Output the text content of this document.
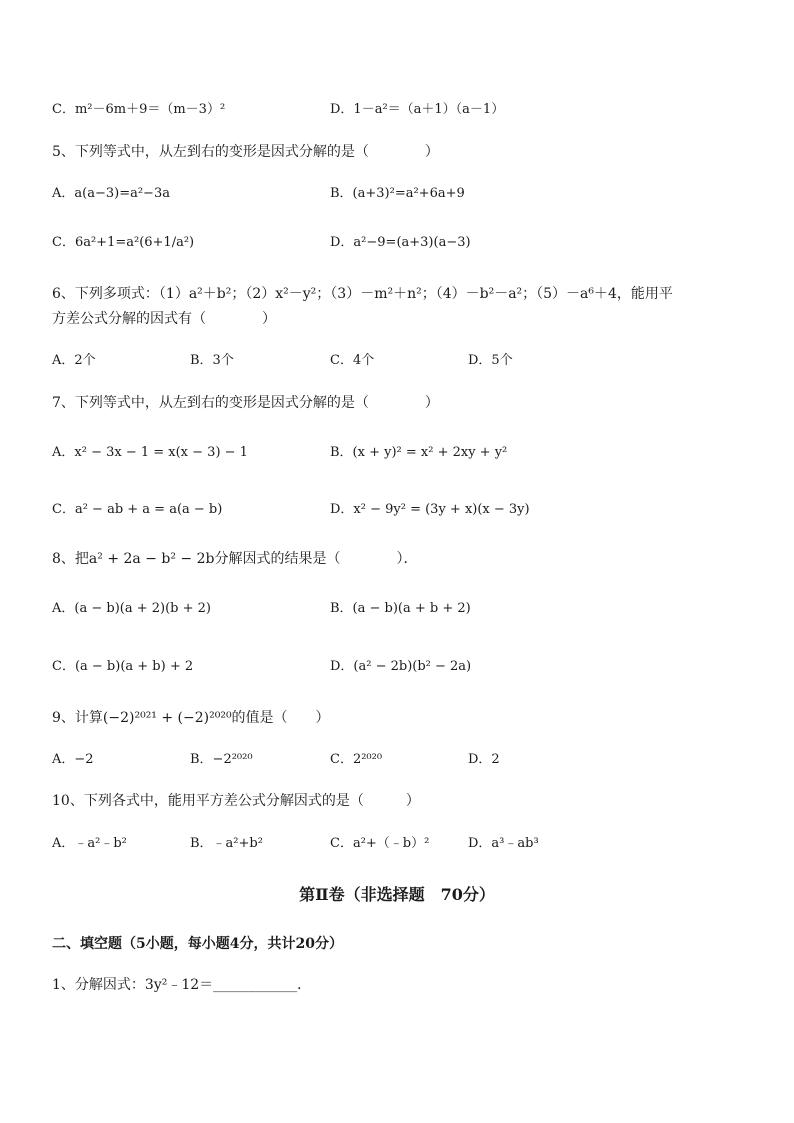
C．m²－6m＋9＝（m－3）²	D．1－a²＝（a＋1）（a－1）
5、下列等式中，从左到右的变形是因式分解的是（　　　　）
A．a(a−3)=a²−3a	B．(a+3)²=a²+6a+9
C．6a²+1=a²(6+1/a²)	D．a²−9=(a+3)(a−3)
6、下列多项式：（1）a²＋b²；（2）x²－y²；（3）－m²＋n²；（4）－b²－a²；（5）－a⁶＋4，能用平
方差公式分解的因式有（　　　　）
A．2个	B．3个	C．4个	D．5个
7、下列等式中，从左到右的变形是因式分解的是（　　　　）
A．x² − 3x − 1 = x(x − 3) − 1	B．(x + y)² = x² + 2xy + y²
C．a² − ab + a = a(a − b)	D．x² − 9y² = (3y + x)(x − 3y)
8、把a² + 2a − b² − 2b分解因式的结果是（　　　　）．
A．(a − b)(a + 2)(b + 2)	B．(a − b)(a + b + 2)
C．(a − b)(a + b) + 2	D．(a² − 2b)(b² − 2a)
9、计算(−2)²⁰²¹ + (−2)²⁰²⁰的值是（　　）
A．−2	B．−2²⁰²⁰	C．2²⁰²⁰	D．2
10、下列各式中，能用平方差公式分解因式的是（　　　）
A．﹣a²﹣b²	B．﹣a²+b²	C．a²+（﹣b）²	D．a³﹣ab³
第Ⅱ卷（非选择题　70分）
二、填空题（5小题，每小题4分，共计20分）
1、分解因式：3y²﹣12＝____________．
